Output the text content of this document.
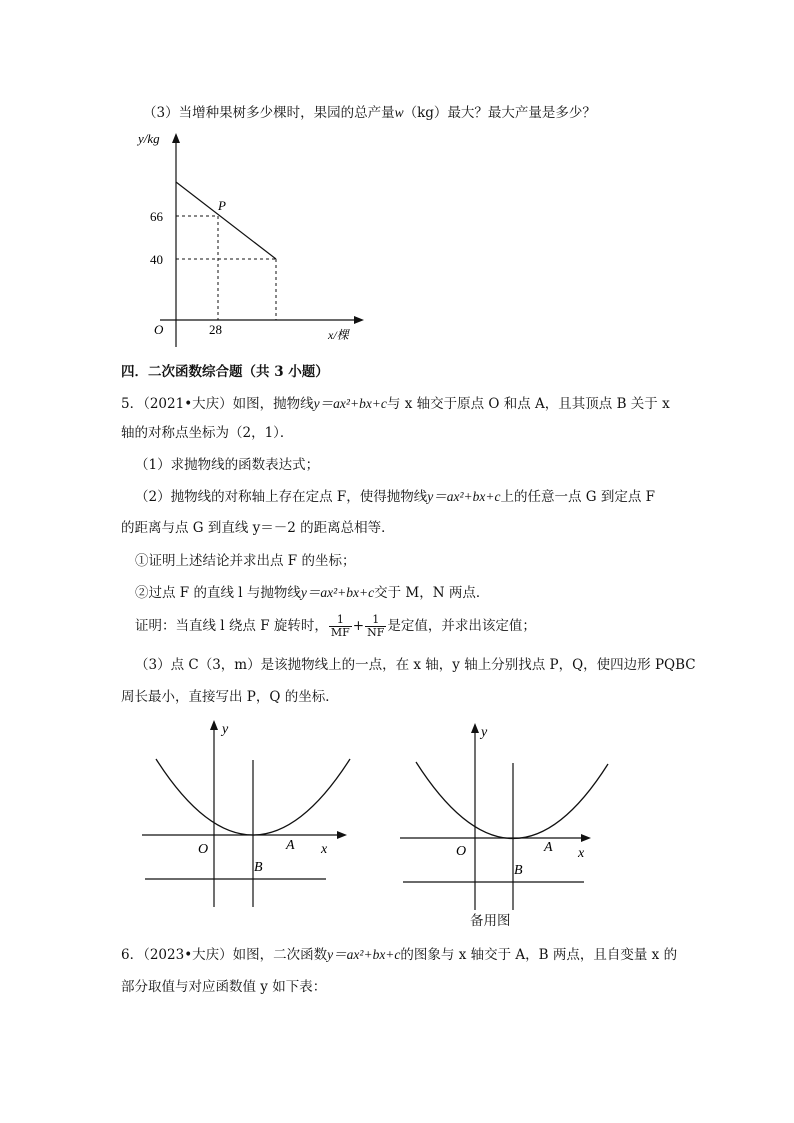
（3）当增种果树多少棵时，果园的总产量w（kg）最大？最大产量是多少？
y/kg
x/棵
O
P
66
40
28
四．二次函数综合题（共 3 小题）
5．（2021•大庆）如图，抛物线y＝ax²+bx+c与 x 轴交于原点 O 和点 A，且其顶点 B 关于 x
轴的对称点坐标为（2，1）．
（1）求抛物线的函数表达式；
（2）抛物线的对称轴上存在定点 F，使得抛物线y＝ax²+bx+c上的任意一点 G 到定点 F
的距离与点 G 到直线 y＝－2 的距离总相等．
①证明上述结论并求出点 F 的坐标；
②过点 F 的直线 l 与抛物线y＝ax²+bx+c交于 M，N 两点．
证明：当直线 l 绕点 F 旋转时， $\frac{1}{MF} + \frac{1}{NF}$ 是定值，并求出该定值；
（3）点 C（3，m）是该抛物线上的一点，在 x 轴，y 轴上分别找点 P，Q，使四边形 PQBC
周长最小，直接写出 P，Q 的坐标．
y
x
O	A
B
y
x
O	A
B
备用图
6．（2023•大庆）如图，二次函数y＝ax²+bx+c的图象与 x 轴交于 A，B 两点，且自变量 x 的
部分取值与对应函数值 y 如下表：
